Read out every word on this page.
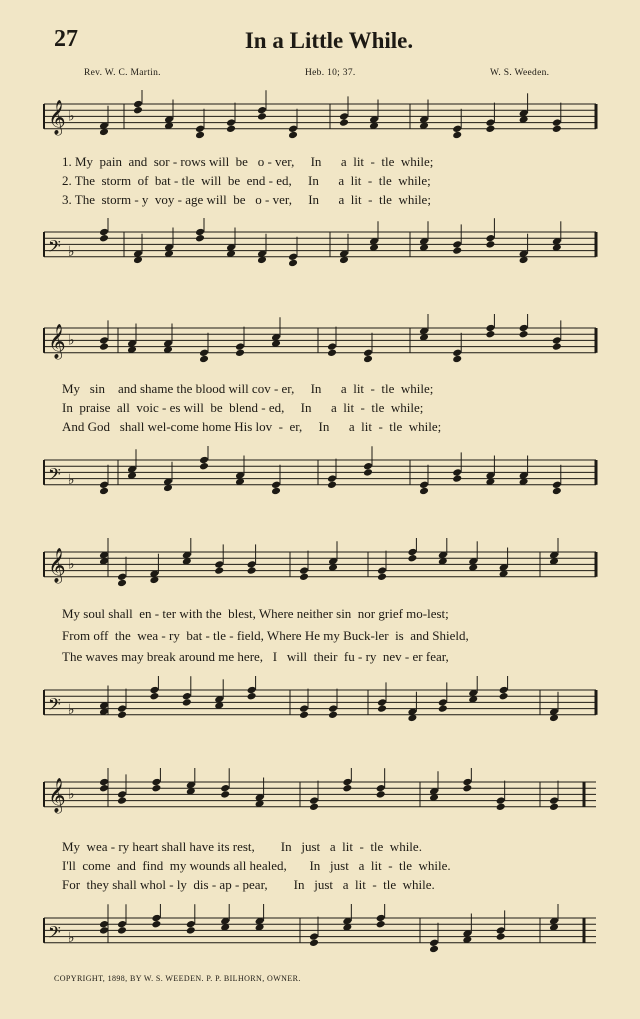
27	In a Little While.
Rev. W. C. Martin.	Heb. 10; 37.	W. S. Weeden.
𝄞 ♭
1. My  pain  and  sor - rows will  be   o - ver,     In      a  lit  -  tle  while;
2. The  storm  of  bat - tle  will  be  end - ed,     In      a  lit  -  tle  while;
3. The  storm - y  voy - age will  be   o - ver,     In      a  lit  -  tle  while;
𝄢 ♭
𝄞 ♭
My   sin    and shame the blood will cov - er,     In      a  lit  -  tle  while;
In  praise  all  voic - es will  be  blend - ed,     In      a  lit  -  tle  while;
And God   shall wel-come home His lov  -  er,     In      a  lit  -  tle  while;
𝄢 ♭
𝄞 ♭
My soul shall  en - ter with the  blest, Where neither sin  nor grief mo-lest;
From off  the  wea - ry  bat - tle - field, Where He my Buck-ler  is  and Shield,
The waves may break around me here,   I   will  their  fu - ry  nev - er fear,
𝄢 ♭
𝄞 ♭
My  wea - ry heart shall have its rest,        In   just   a  lit  -  tle  while.
I'll  come  and  find  my wounds all healed,       In   just   a  lit  -  tle  while.
For  they shall whol - ly  dis - ap - pear,        In   just   a  lit  -  tle  while.
𝄢 ♭
COPYRIGHT, 1898, BY W. S. WEEDEN. P. P. BILHORN, OWNER.
